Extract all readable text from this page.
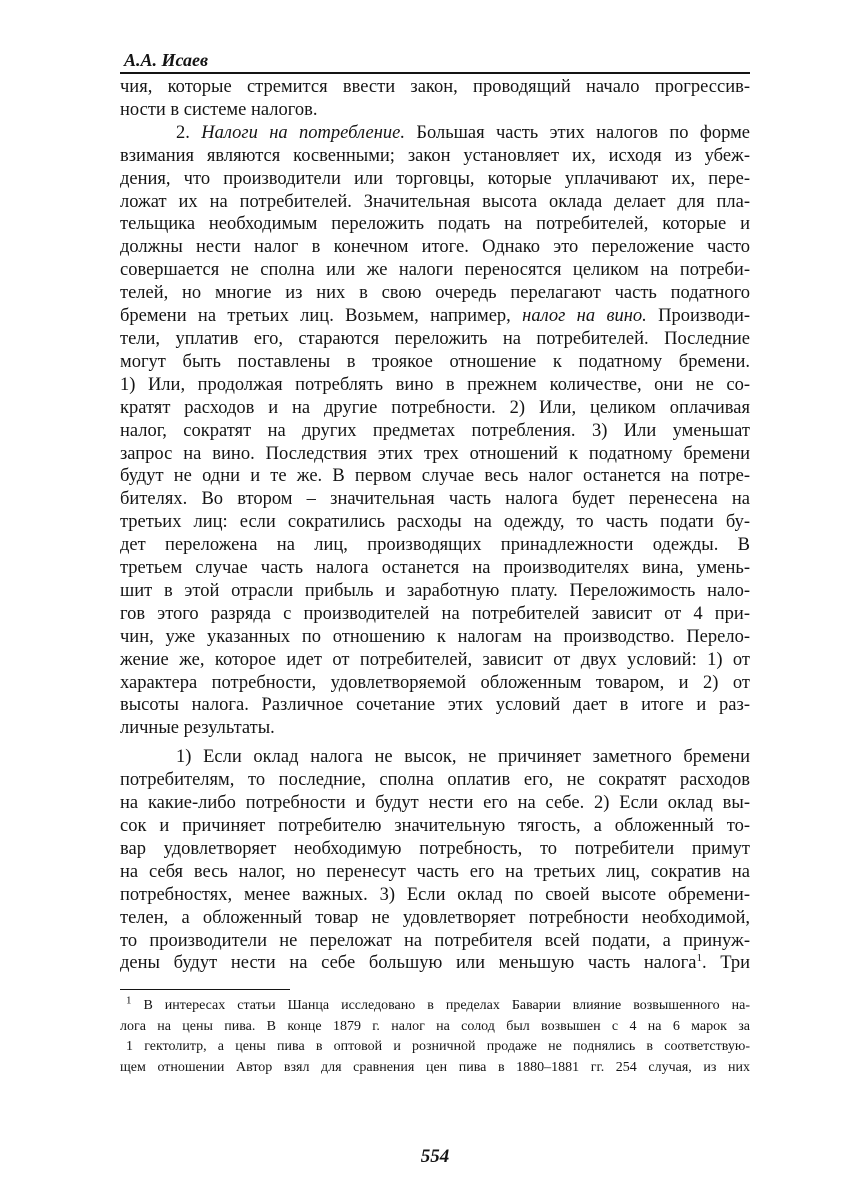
А.А. Исаев
чия, которые стремится ввести закон, проводящий начало прогрессив-
ности в системе налогов.
2. Налоги на потребление. Большая часть этих налогов по форме
взимания являются косвенными; закон установляет их, исходя из убеж-
дения, что производители или торговцы, которые уплачивают их, пере-
ложат их на потребителей. Значительная высота оклада делает для пла-
тельщика необходимым переложить подать на потребителей, которые и
должны нести налог в конечном итоге. Однако это переложение часто
совершается не сполна или же налоги переносятся целиком на потреби-
телей, но многие из них в свою очередь перелагают часть податного
бремени на третьих лиц. Возьмем, например, налог на вино. Производи-
тели, уплатив его, стараются переложить на потребителей. Последние
могут быть поставлены в троякое отношение к податному бремени.
1) Или, продолжая потреблять вино в прежнем количестве, они не со-
кратят расходов и на другие потребности. 2) Или, целиком оплачивая
налог, сократят на других предметах потребления. 3) Или уменьшат
запрос на вино. Последствия этих трех отношений к податному бремени
будут не одни и те же. В первом случае весь налог останется на потре-
бителях. Во втором – значительная часть налога будет перенесена на
третьих лиц: если сократились расходы на одежду, то часть подати бу-
дет переложена на лиц, производящих принадлежности одежды. В
третьем случае часть налога останется на производителях вина, умень-
шит в этой отрасли прибыль и заработную плату. Переложимость нало-
гов этого разряда с производителей на потребителей зависит от 4 при-
чин, уже указанных по отношению к налогам на производство. Перело-
жение же, которое идет от потребителей, зависит от двух условий: 1) от
характера потребности, удовлетворяемой обложенным товаром, и 2) от
высоты налога. Различное сочетание этих условий дает в итоге и раз-
личные результаты.
1) Если оклад налога не высок, не причиняет заметного бремени
потребителям, то последние, сполна оплатив его, не сократят расходов
на какие-либо потребности и будут нести его на себе. 2) Если оклад вы-
сок и причиняет потребителю значительную тягость, а обложенный то-
вар удовлетворяет необходимую потребность, то потребители примут
на себя весь налог, но перенесут часть его на третьих лиц, сократив на
потребностях, менее важных. 3) Если оклад по своей высоте обремени-
телен, а обложенный товар не удовлетворяет потребности необходимой,
то производители не переложат на потребителя всей подати, а принуж-
дены будут нести на себе большую или меньшую часть налога$^1$. Три
$^1$ В интересах статьи Шанца исследовано в пределах Баварии влияние возвышенного на-
лога на цены пива. В конце 1879 г. налог на солод был возвышен с 4 на 6 марок за
1 гектолитр, а цены пива в оптовой и розничной продаже не поднялись в соответствую-
щем отношении Автор взял для сравнения цен пива в 1880–1881 гг. 254 случая, из них
554
